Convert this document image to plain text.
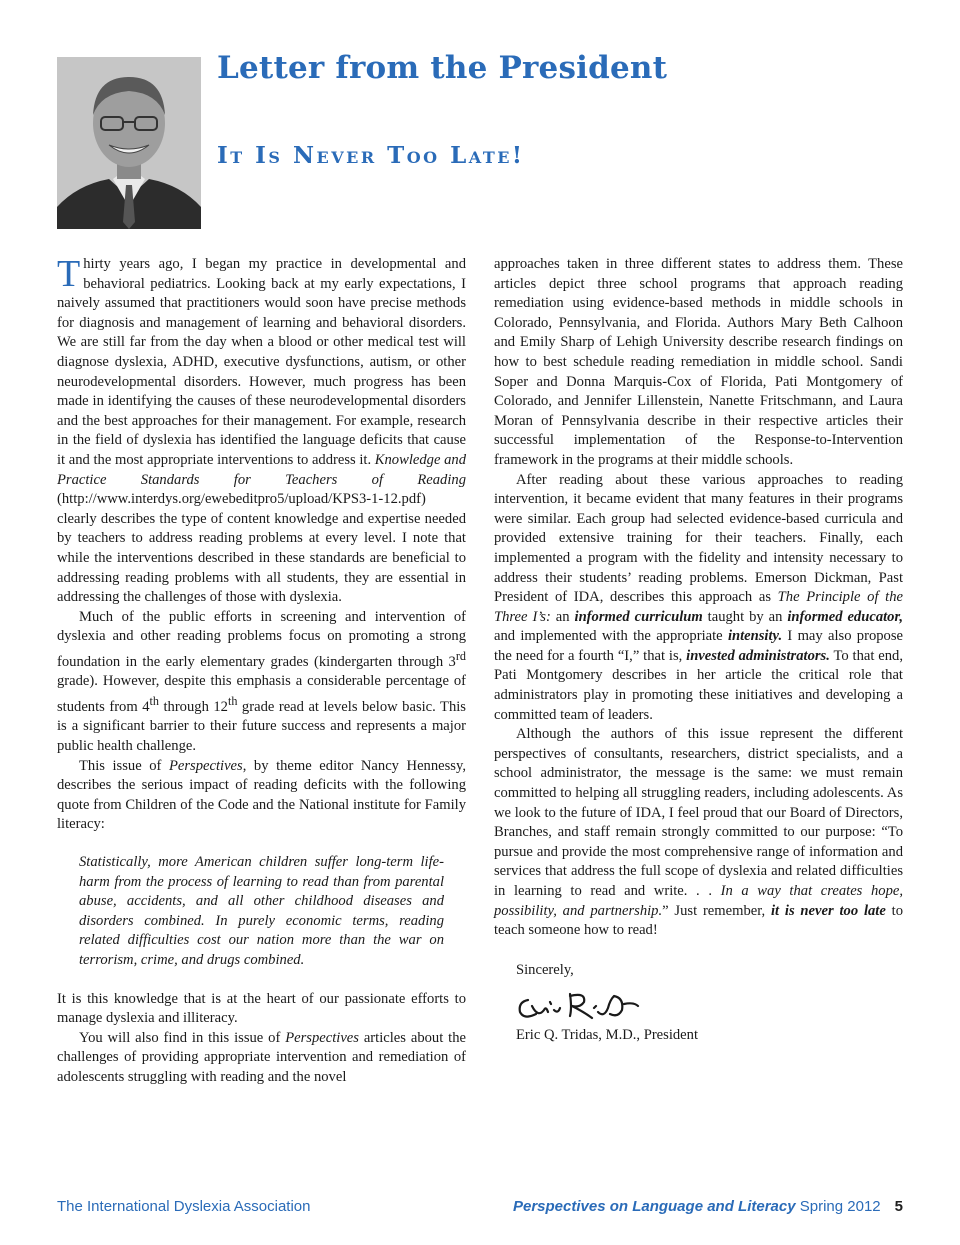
Letter from the President
It Is Never Too Late!

Thirty years ago, I began my practice in developmental and behavioral pediatrics. Looking back at my early expectations, I naively assumed that practitioners would soon have precise methods for diagnosis and management of learning and behavioral disorders. We are still far from the day when a blood or other medical test will diagnose dyslexia, ADHD, executive dysfunctions, autism, or other neurodevelopmental disorders. However, much progress has been made in identifying the causes of these neurodevelopmental disorders and the best approaches for their management. For example, research in the field of dyslexia has identified the language deficits that cause it and the most appropriate interventions to address it. Knowledge and Practice Standards for Teachers of Reading (http://www.interdys.org/ewebeditpro5/upload/KPS3-1-12.pdf) clearly describes the type of content knowledge and expertise needed by teachers to address reading problems at every level. I note that while the interventions described in these standards are beneficial to addressing reading problems with all students, they are essential in addressing the challenges of those with dyslexia.

Much of the public efforts in screening and intervention of dyslexia and other reading problems focus on promoting a strong foundation in the early elementary grades (kindergarten through 3rd grade). However, despite this emphasis a considerable percentage of students from 4th through 12th grade read at levels below basic. This is a significant barrier to their future success and represents a major public health challenge.

This issue of Perspectives, by theme editor Nancy Hennessy, describes the serious impact of reading deficits with the following quote from Children of the Code and the National institute for Family literacy:

Statistically, more American children suffer long-term life-harm from the process of learning to read than from parental abuse, accidents, and all other childhood diseases and disorders combined. In purely economic terms, reading related difficulties cost our nation more than the war on terrorism, crime, and drugs combined.

It is this knowledge that is at the heart of our passionate efforts to manage dyslexia and illiteracy.

You will also find in this issue of Perspectives articles about the challenges of providing appropriate intervention and remediation of adolescents struggling with reading and the novel

approaches taken in three different states to address them. These articles depict three school programs that approach reading remediation using evidence-based methods in middle schools in Colorado, Pennsylvania, and Florida. Authors Mary Beth Calhoon and Emily Sharp of Lehigh University describe research findings on how to best schedule reading remediation in middle school. Sandi Soper and Donna Marquis-Cox of Florida, Pati Montgomery of Colorado, and Jennifer Lillenstein, Nanette Fritschmann, and Laura Moran of Pennsylvania describe in their respective articles their successful implementation of the Response-to-Intervention framework in the programs at their middle schools.

After reading about these various approaches to reading intervention, it became evident that many features in their programs were similar. Each group had selected evidence-based curricula and provided extensive training for their teachers. Finally, each implemented a program with the fidelity and intensity necessary to address their students’ reading problems. Emerson Dickman, Past President of IDA, describes this approach as The Principle of the Three I’s: an informed curriculum taught by an informed educator, and implemented with the appropriate intensity. I may also propose the need for a fourth “I,” that is, invested administrators. To that end, Pati Montgomery describes in her article the critical role that administrators play in promoting these initiatives and developing a committed team of leaders.

Although the authors of this issue represent the different perspectives of consultants, researchers, district specialists, and a school administrator, the message is the same: we must remain committed to helping all struggling readers, including adolescents. As we look to the future of IDA, I feel proud that our Board of Directors, Branches, and staff remain strongly committed to our purpose: “To pursue and provide the most comprehensive range of information and services that address the full scope of dyslexia and related difficulties in learning to read and write. . . In a way that creates hope, possibility, and partnership.” Just remember, it is never too late to teach someone how to read!

Sincerely,

Eric Q. Tridas, M.D., President

The International Dyslexia Association	Perspectives on Language and Literacy Spring 2012 5
